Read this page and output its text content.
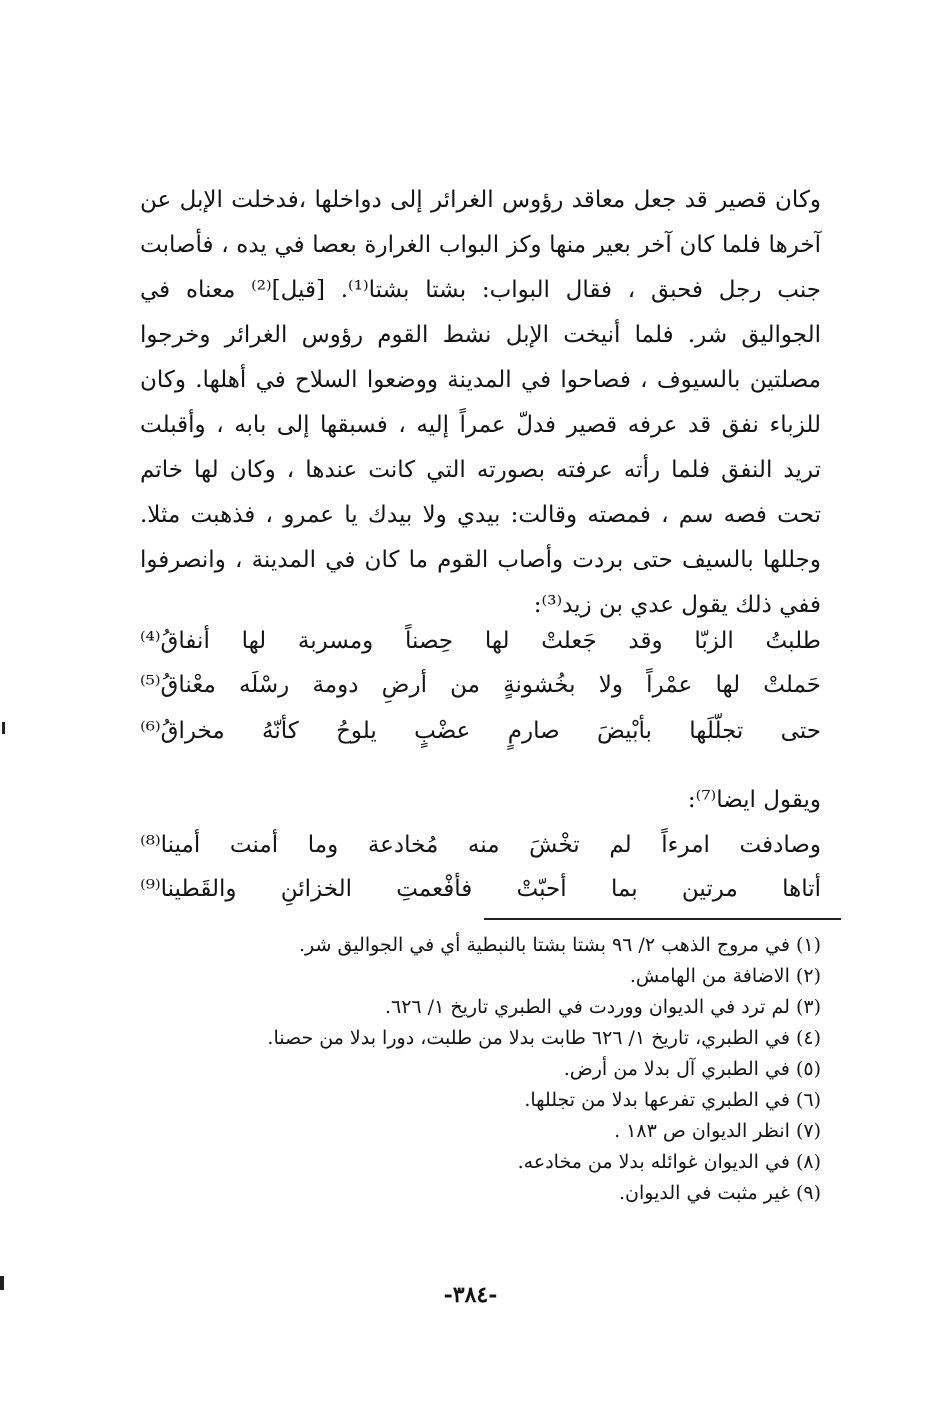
وكان قصير قد جعل معاقد رؤوس الغرائر إلى دواخلها ،فدخلت الإبل عن آخرها فلما كان آخر بعير منها وكز البواب الغرارة بعصا في يده ، فأصابت جنب رجل فحبق ، فقال البواب: بشتا بشتا⁽¹⁾. [قيل]⁽²⁾ معناه في الجواليق شر. فلما أنيخت الإبل نشط القوم رؤوس الغرائر وخرجوا مصلتين بالسيوف ، فصاحوا في المدينة ووضعوا السلاح في أهلها. وكان للزباء نفق قد عرفه قصير فدلّ عمراً إليه ، فسبقها إلى بابه ، وأقبلت تريد النفق فلما رأته عرفته بصورته التي كانت عندها ، وكان لها خاتم تحت فصه سم ، فمصته وقالت: بيدي ولا بيدك يا عمرو ، فذهبت مثلا. وجللها بالسيف حتى بردت وأصاب القوم ما كان في المدينة ، وانصرفوا ففي ذلك يقول عدي بن زيد⁽³⁾:

طلبتُ
الزبّا
وقد
جَعلتْ
لها
حِصناً
ومسربة
لها
أنفاقُ⁽⁴⁾
حَملتْ
لها
عمْراً
ولا
بخُشونةٍ
من
أرضِ
دومة
رسْلَه
معْناقُ⁽⁵⁾
حتى
تجلّلَها
بأبْيضَ
صارمٍ
عضْبٍ
يلوحُ
كأنّهُ
مخراقُ⁽⁶⁾
ويقول ايضا⁽⁷⁾:
وصادفت
امرءاً
لم
تخْشَ
منه
مُخادعة
وما
أمنت
أمينا⁽⁸⁾
أتاها
مرتين
بما
أحبّتْ
فأفْعمتِ
الخزائنِ
والقَطينا⁽⁹⁾
(١) في مروج الذهب ٢/ ٩٦ بشتا بشتا بالنبطية أي في الجواليق شر.
(٢) الاضافة من الهامش.
(٣) لم ترد في الديوان ووردت في الطبري تاريخ ١/ ٦٢٦.
(٤) في الطبري، تاريخ ١/ ٦٢٦ طابت بدلا من طلبت، دورا بدلا من حصنا.
(٥) في الطبري آل بدلا من أرض.
(٦) في الطبري تفرعها بدلا من تجللها.
(٧) انظر الديوان ص ١٨٣ .
(٨) في الديوان غوائله بدلا من مخادعه.
(٩) غير مثبت في الديوان.
-٣٨٤-
